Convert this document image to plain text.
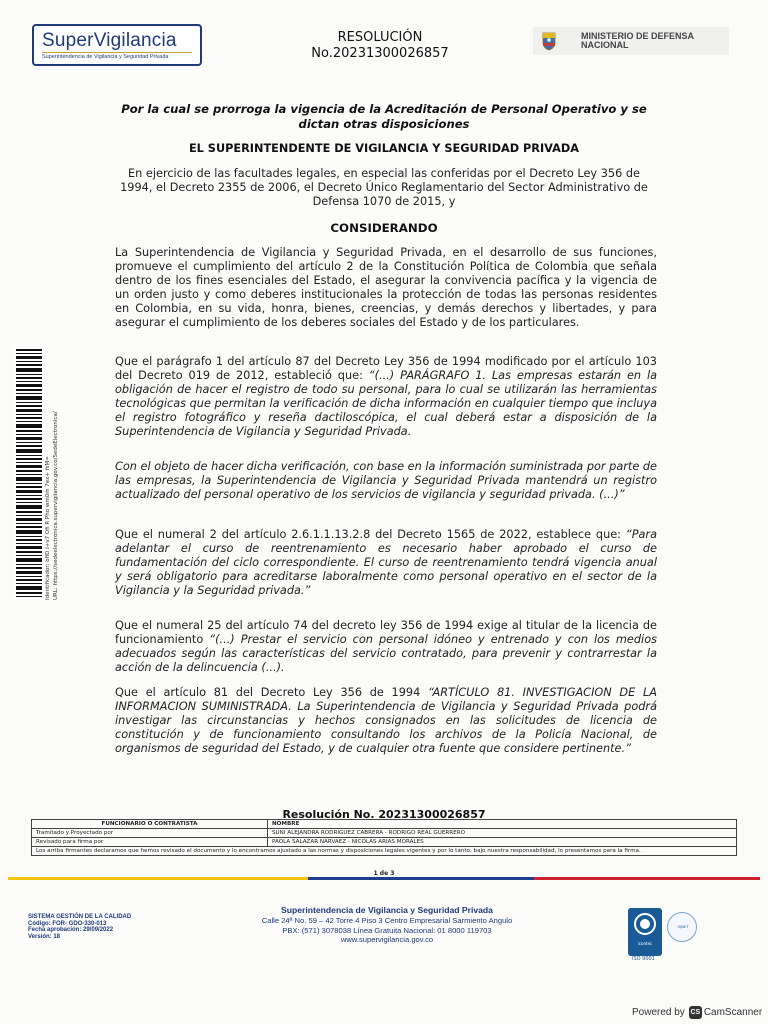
SuperVigilancia
Superintendencia de Vigilancia y Seguridad Privada
RESOLUCIÓN
No.20231300026857
MINISTERIO DE DEFENSA
NACIONAL
Por la cual se prorroga la vigencia de la Acreditación de Personal Operativo y se dictan otras disposiciones
EL SUPERINTENDENTE DE VIGILANCIA Y SEGURIDAD PRIVADA
En ejercicio de las facultades legales, en especial las conferidas por el Decreto Ley 356 de 1994, el Decreto 2355 de 2006, el Decreto Único Reglamentario del Sector Administrativo de Defensa 1070 de 2015, y
CONSIDERANDO
La Superintendencia de Vigilancia y Seguridad Privada, en el desarrollo de sus funciones, promueve el cumplimiento del artículo 2 de la Constitución Política de Colombia que señala dentro de los fines esenciales del Estado, el asegurar la convivencia pacífica y la vigencia de un orden justo y como deberes institucionales la protección de todas las personas residentes en Colombia, en su vida, honra, bienes, creencias, y demás derechos y libertades, y para asegurar el cumplimiento de los deberes sociales del Estado y de los particulares.
Que el parágrafo 1 del artículo 87 del Decreto Ley 356 de 1994 modificado por el artículo 103 del Decreto 019 de 2012, estableció que: “(...) PARÁGRAFO 1. Las empresas estarán en la obligación de hacer el registro de todo su personal, para lo cual se utilizarán las herramientas tecnológicas que permitan la verificación de dicha información en cualquier tiempo que incluya el registro fotográfico y reseña dactiloscópica, el cual deberá estar a disposición de la Superintendencia de Vigilancia y Seguridad Privada.
Con el objeto de hacer dicha verificación, con base en la información suministrada por parte de las empresas, la Superintendencia de Vigilancia y Seguridad Privada mantendrá un registro actualizado del personal operativo de los servicios de vigilancia y seguridad privada. (...)”
Que el numeral 2 del artículo 2.6.1.1.13.2.8 del Decreto 1565 de 2022, establece que: “Para adelantar el curso de reentrenamiento es necesario haber aprobado el curso de fundamentación del ciclo correspondiente. El curso de reentrenamiento tendrá vigencia anual y será obligatorio para acreditarse laboralmente como personal operativo en el sector de la Vigilancia y la Seguridad privada.”
Que el numeral 25 del artículo 74 del decreto ley 356 de 1994 exige al titular de la licencia de funcionamiento “(...) Prestar el servicio con personal idóneo y entrenado y con los medios adecuados según las características del servicio contratado, para prevenir y contrarrestar la acción de la delincuencia (...).
Que el artículo 81 del Decreto Ley 356 de 1994 “ARTÍCULO 81. INVESTIGACION DE LA INFORMACION SUMINISTRADA. La Superintendencia de Vigilancia y Seguridad Privada podrá investigar las circunstancias y hechos consignados en las solicitudes de licencia de constitución y de funcionamiento consultando los archivos de la Policía Nacional, de organismos de seguridad del Estado, y de cualquier otra fuente que considere pertinente.”
Identificador: bfiD I+v7 Ofi R Pho wm0m 7ex+ fsM= URL: https://sedeelectronica.supervigilancia.gov.co/SedeElectronica/
Resolución No. 20231300026857
FUNCIONARIO O CONTRATISTA	NOMBRE
Tramitado y Proyectado por	SUNI ALEJANDRA RODRIGUEZ CABRERA - RODRIGO REAL GUERRERO
Revisado para firma por	PAOLA SALAZAR NARVAEZ - NICOLAS ARIAS MORALES
Los arriba firmantes declaramos que hemos revisado el documento y lo encontramos ajustado a las normas y disposiciones legales vigentes y por lo tanto, bajo nuestra responsabilidad, lo presentamos para la firma.	
1 de 3
SISTEMA GESTIÓN DE LA CALIDAD
Código: FOR- GDO-330-013
Fecha aprobación: 29/09/2022
Versión: 18
Superintendencia de Vigilancia y Seguridad Privada
Calle 24ª No. 59 – 42 Torre 4 Piso 3 Centro Empresarial Sarmiento Angulo
PBX: (571) 3078038 Línea Gratuita Nacional: 01 8000 119703
www.supervigilancia.gov.co	icontec
IQNET
ISO 9001
Powered by CS CamScanner
